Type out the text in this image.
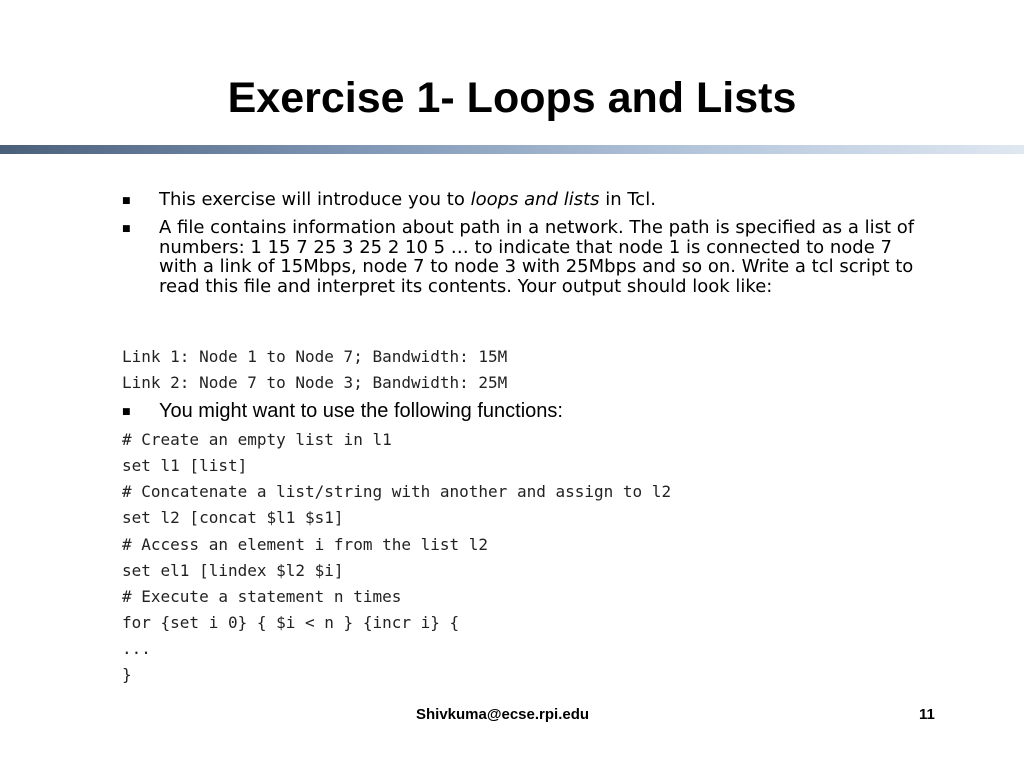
Exercise 1- Loops and Lists
■ This exercise will introduce you to loops and lists in Tcl.
■ A file contains information about path in a network. The path is specified as a list of numbers: 1 15 7 25 3 25 2 10 5 … to indicate that node 1 is connected to node 7 with a link of 15Mbps, node 7 to node 3 with 25Mbps and so on. Write a tcl script to read this file and interpret its contents. Your output should look like:
Link 1: Node 1 to Node 7; Bandwidth: 15M
Link 2: Node 7 to Node 3; Bandwidth: 25M
■ You might want to use the following functions:
# Create an empty list in l1
set l1 [list]
# Concatenate a list/string with another and assign to l2
set l2 [concat $l1 $s1]
# Access an element i from the list l2
set el1 [lindex $l2 $i]
# Execute a statement n times
for {set i 0} { $i < n } {incr i} {
...
}
Shivkuma@ecse.rpi.edu	11
